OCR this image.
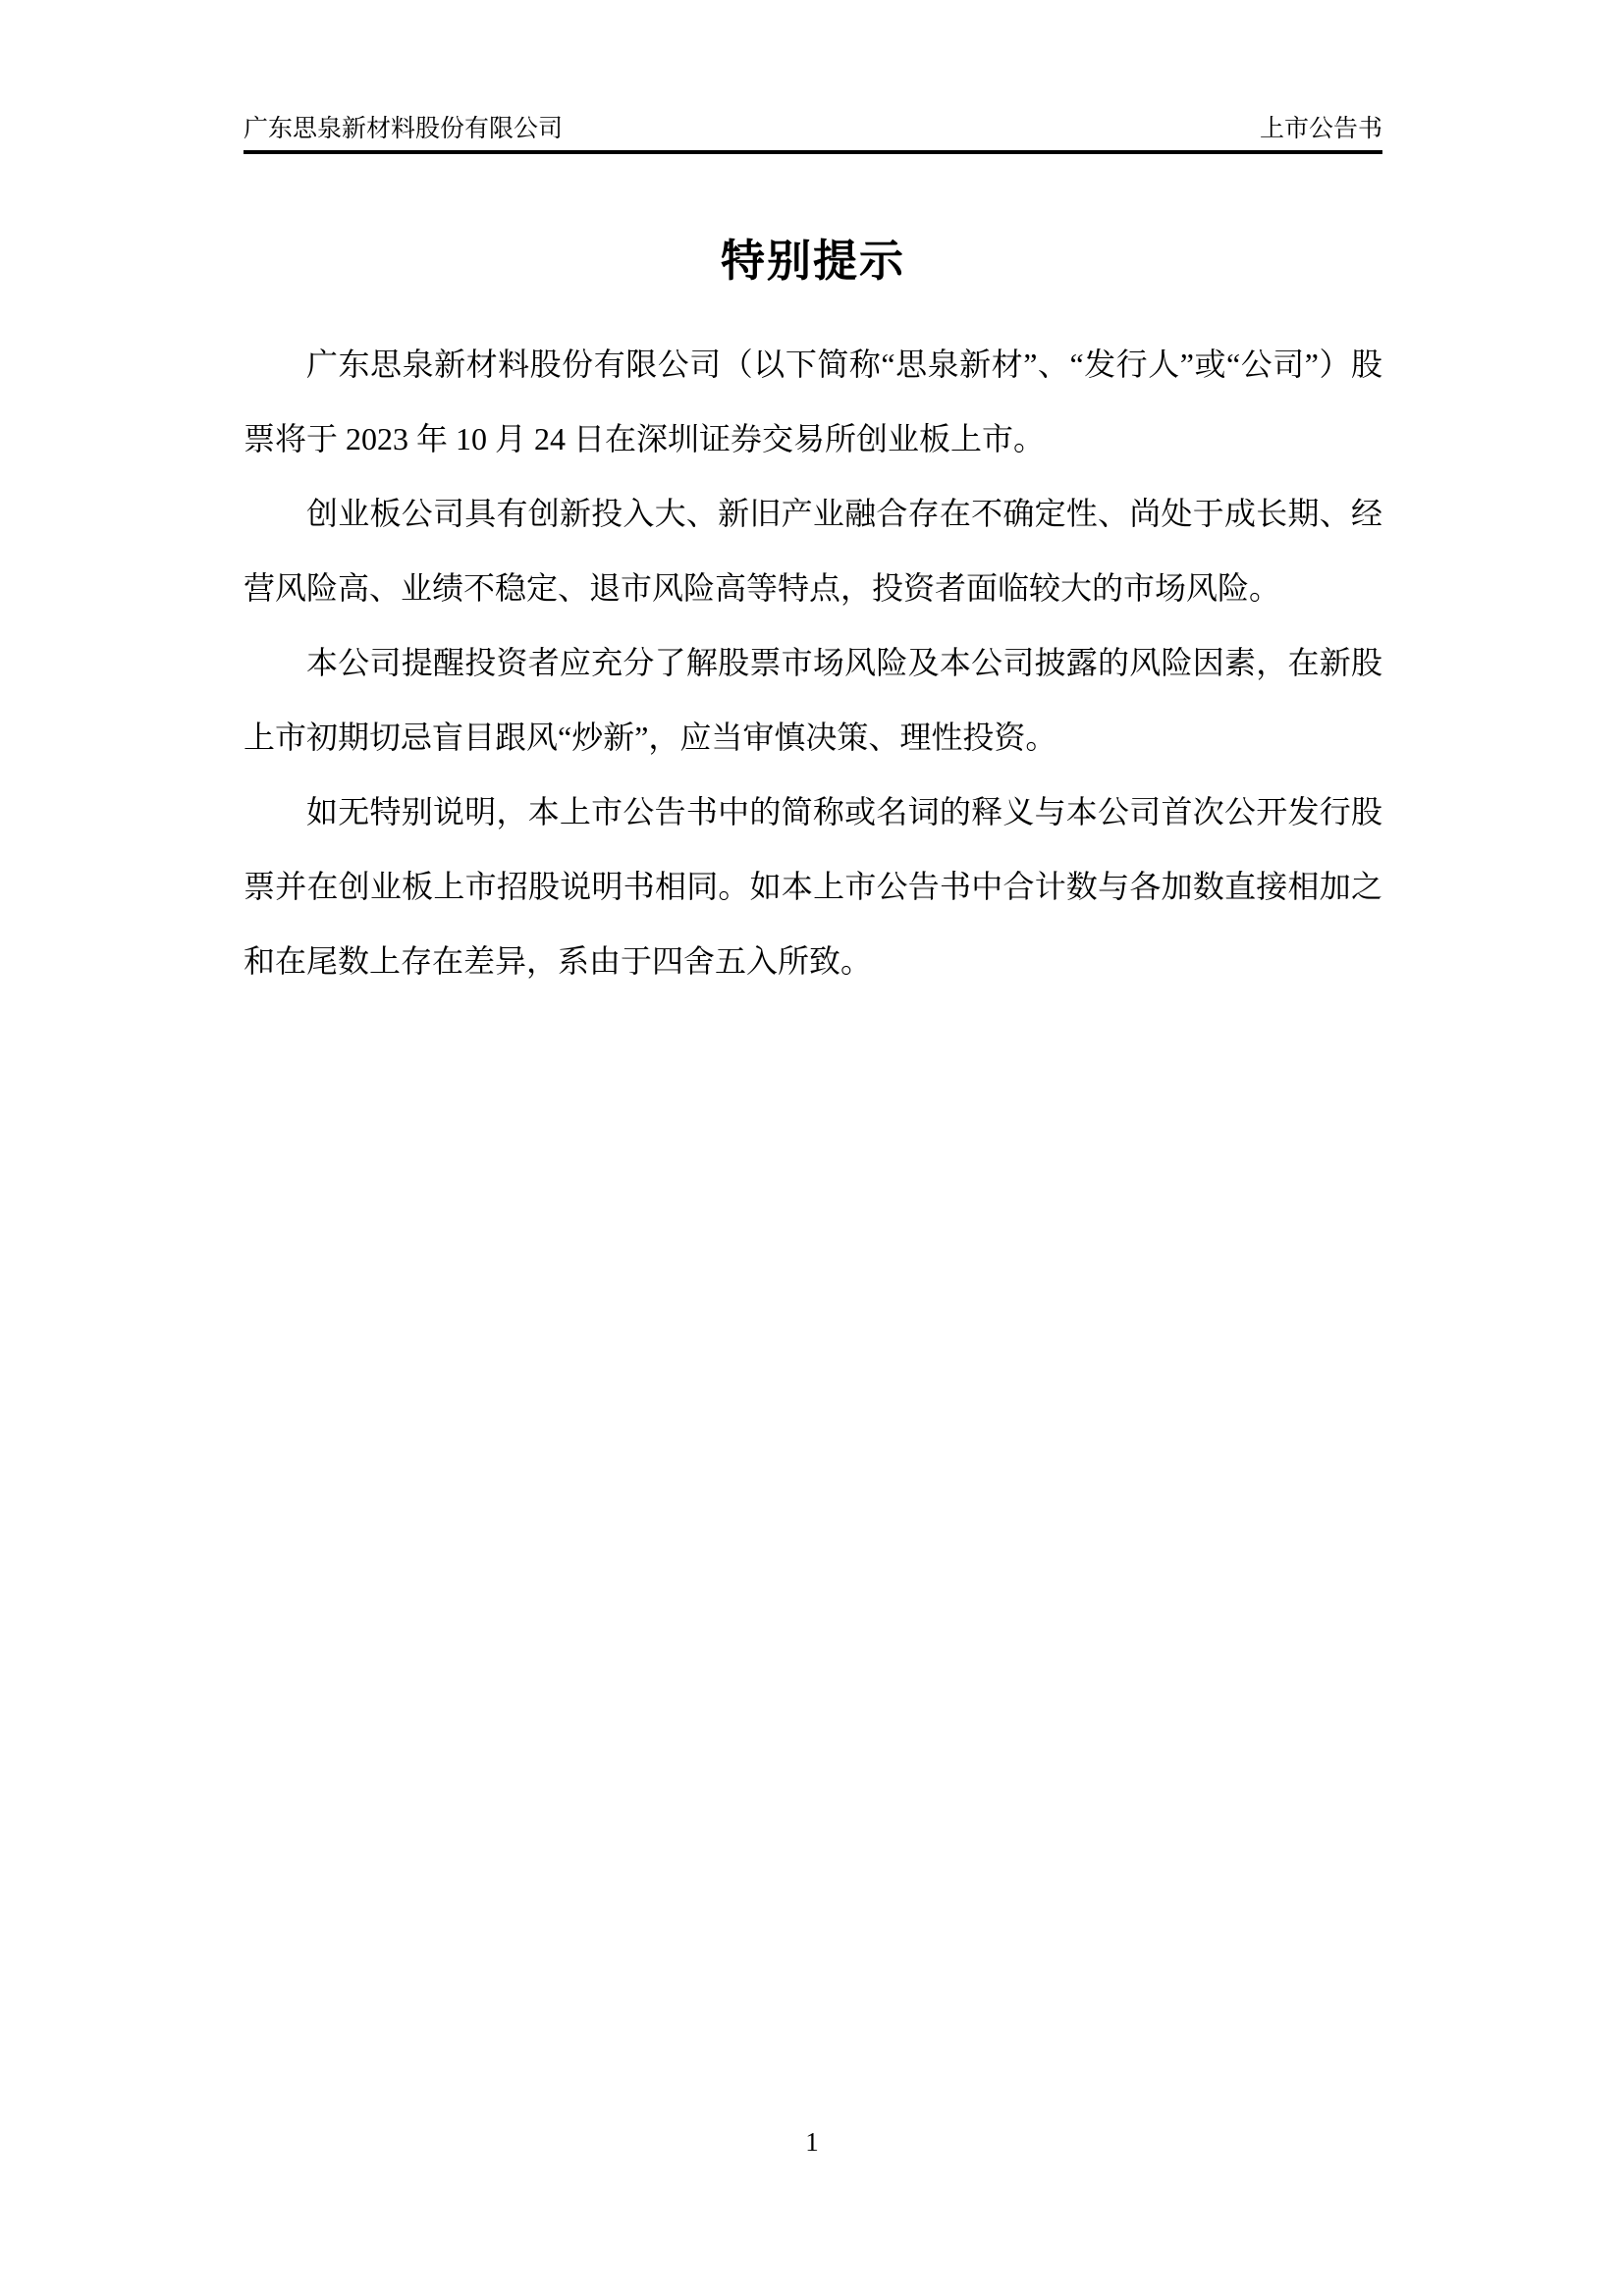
广东思泉新材料股份有限公司	上市公告书
特别提示

广东思泉新材料股份有限公司（以下简称“思泉新材”、“发行人”或“公司”）股票将于 2023 年 10 月 24 日在深圳证券交易所创业板上市。

创业板公司具有创新投入大、新旧产业融合存在不确定性、尚处于成长期、经营风险高、业绩不稳定、退市风险高等特点，投资者面临较大的市场风险。

本公司提醒投资者应充分了解股票市场风险及本公司披露的风险因素，在新股上市初期切忌盲目跟风“炒新”，应当审慎决策、理性投资。

如无特别说明，本上市公告书中的简称或名词的释义与本公司首次公开发行股票并在创业板上市招股说明书相同。如本上市公告书中合计数与各加数直接相加之和在尾数上存在差异，系由于四舍五入所致。

1
